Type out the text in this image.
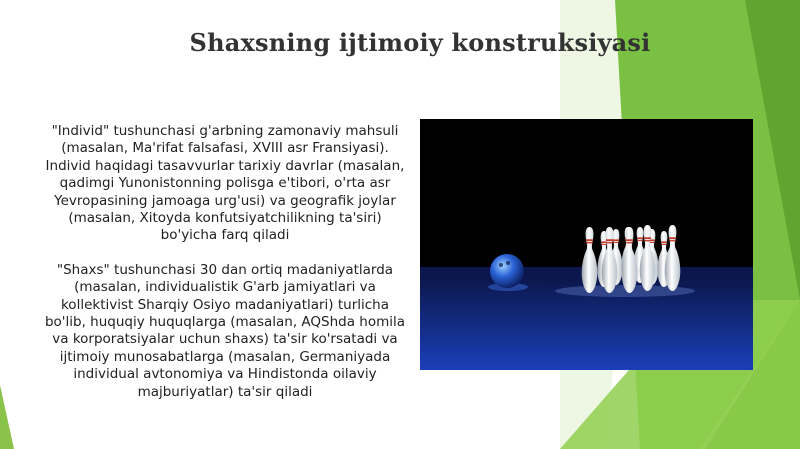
Shaxsning ijtimoiy konstruksiyasi

"Individ" tushunchasi g'arbning zamonaviy mahsuli (masalan, Ma'rifat falsafasi, XVIII asr Fransiyasi). Individ haqidagi tasavvurlar tarixiy davrlar (masalan, qadimgi Yunonistonning polisga e'tibori, o'rta asr Yevropasining jamoaga urg'usi) va geografik joylar (masalan, Xitoyda konfutsiyatchilikning ta'siri) bo'yicha farq qiladi

"Shaxs" tushunchasi 30 dan ortiq madaniyatlarda (masalan, individualistik G'arb jamiyatlari va kollektivist Sharqiy Osiyo madaniyatlari) turlicha bo'lib, huquqiy huquqlarga (masalan, AQShda homila va korporatsiyalar uchun shaxs) ta'sir ko'rsatadi va ijtimoiy munosabatlarga (masalan, Germaniyada individual avtonomiya va Hindistonda oilaviy majburiyatlar) ta'sir qiladi
